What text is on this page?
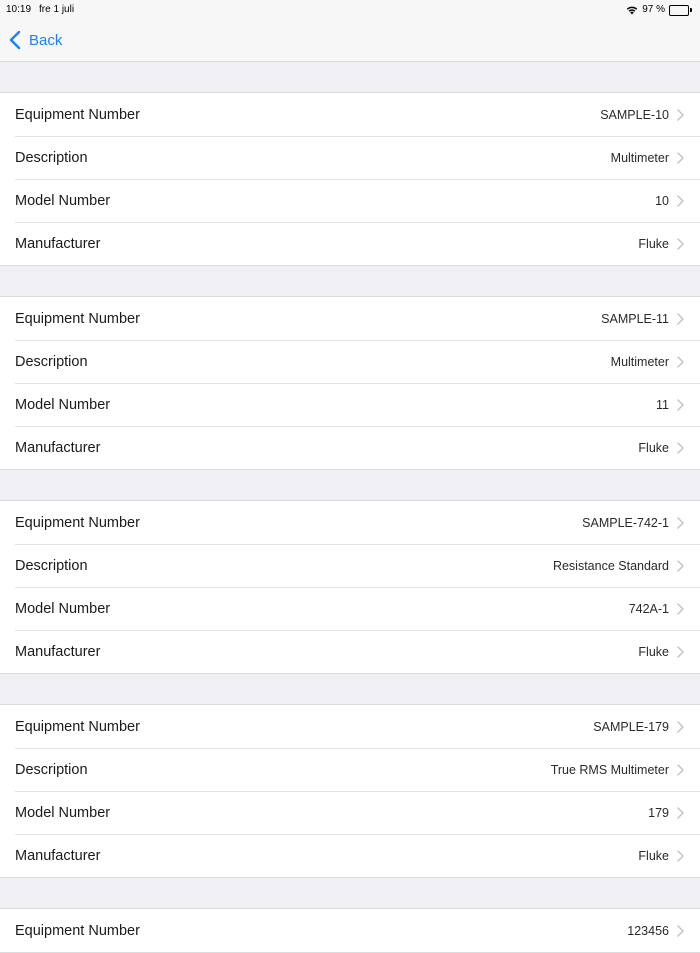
10:19 fre 1 juli	97 %
Back
Equipment Number	SAMPLE-10
Description	Multimeter
Model Number	10
Manufacturer	Fluke
Equipment Number	SAMPLE-11
Description	Multimeter
Model Number	11
Manufacturer	Fluke
Equipment Number	SAMPLE-742-1
Description	Resistance Standard
Model Number	742A-1
Manufacturer	Fluke
Equipment Number	SAMPLE-179
Description	True RMS Multimeter
Model Number	179
Manufacturer	Fluke
Equipment Number	123456
